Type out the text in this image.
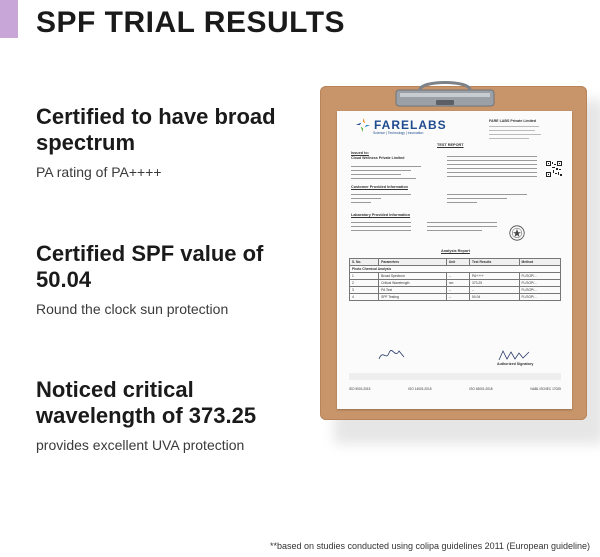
SPF TRIAL RESULTS
Certified to have broad spectrum

PA rating of PA++++

Certified SPF value of 50.04

Round the clock sun protection

Noticed critical wavelength of 373.25

provides excellent UVA protection

FARELABS
Science | Technology | Innovation
FARE LABS Private Limited
TEST REPORT
Issued to:
Cloud Wellness Private Limited
Customer Provided Information
Laboratory Provided Information
Analysis Report
S. No.	Parameters	Unit	Test Results	Method
Photo Chemical Analysis				
1	Broad Spectrum	--	PA++++	FL/SOP/...
2	Critical Wavelength	nm	373.25	FL/SOP/...
3	PA Test	--	--	FL/SOP/...
4	SPF Testing	--	50.04	FL/SOP/...
Authorized Signatory
ISO 9001:2015	ISO 14001:2015	ISO 45001:2018	NABL ISO/IEC 17025
**based on studies conducted using colipa guidelines 2011 (European guideline)
